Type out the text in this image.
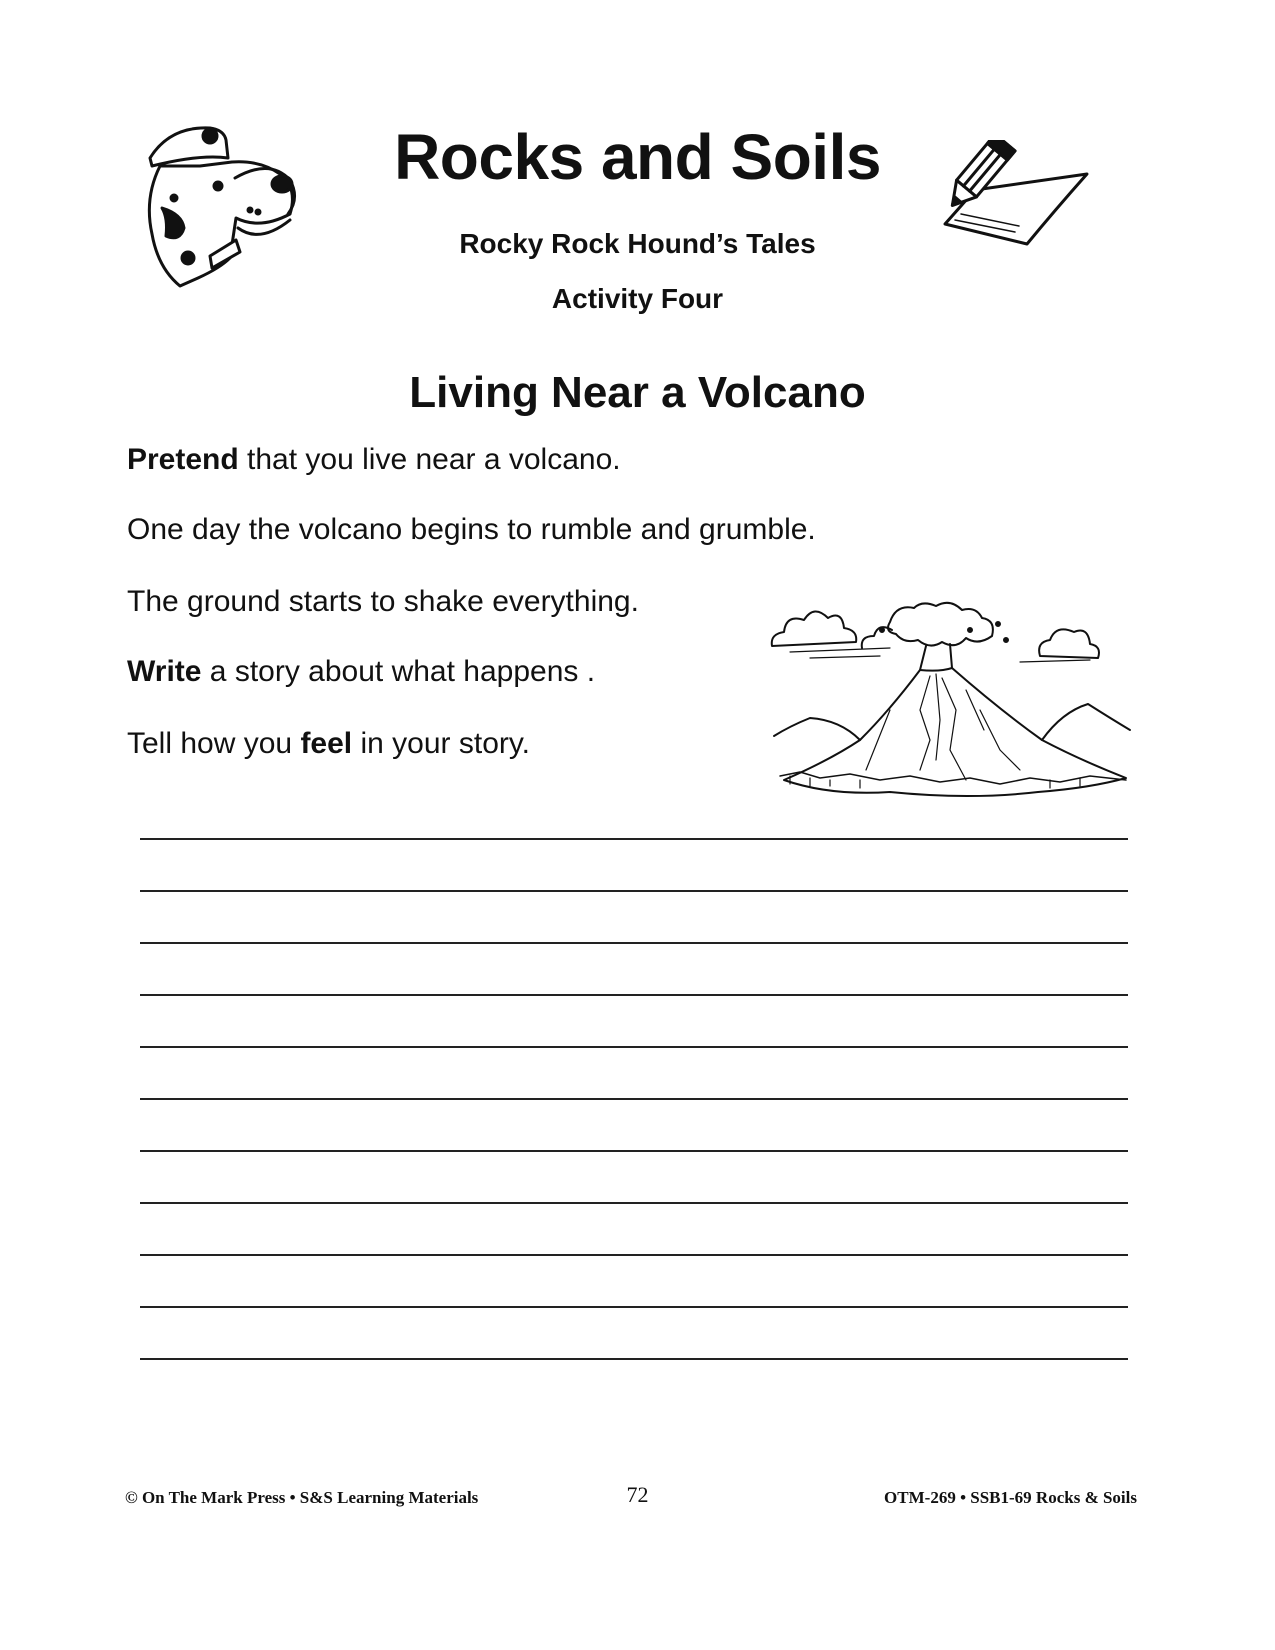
Rocks and Soils
Rocky Rock Hound’s Tales
Activity Four
Living Near a Volcano
Pretend that you live near a volcano.
One day the volcano begins to rumble and grumble.
The ground starts to shake everything.
Write a story about what happens .
Tell how you feel in your story.
© On The Mark Press • S&S Learning Materials	72	OTM-269 • SSB1-69 Rocks & Soils
